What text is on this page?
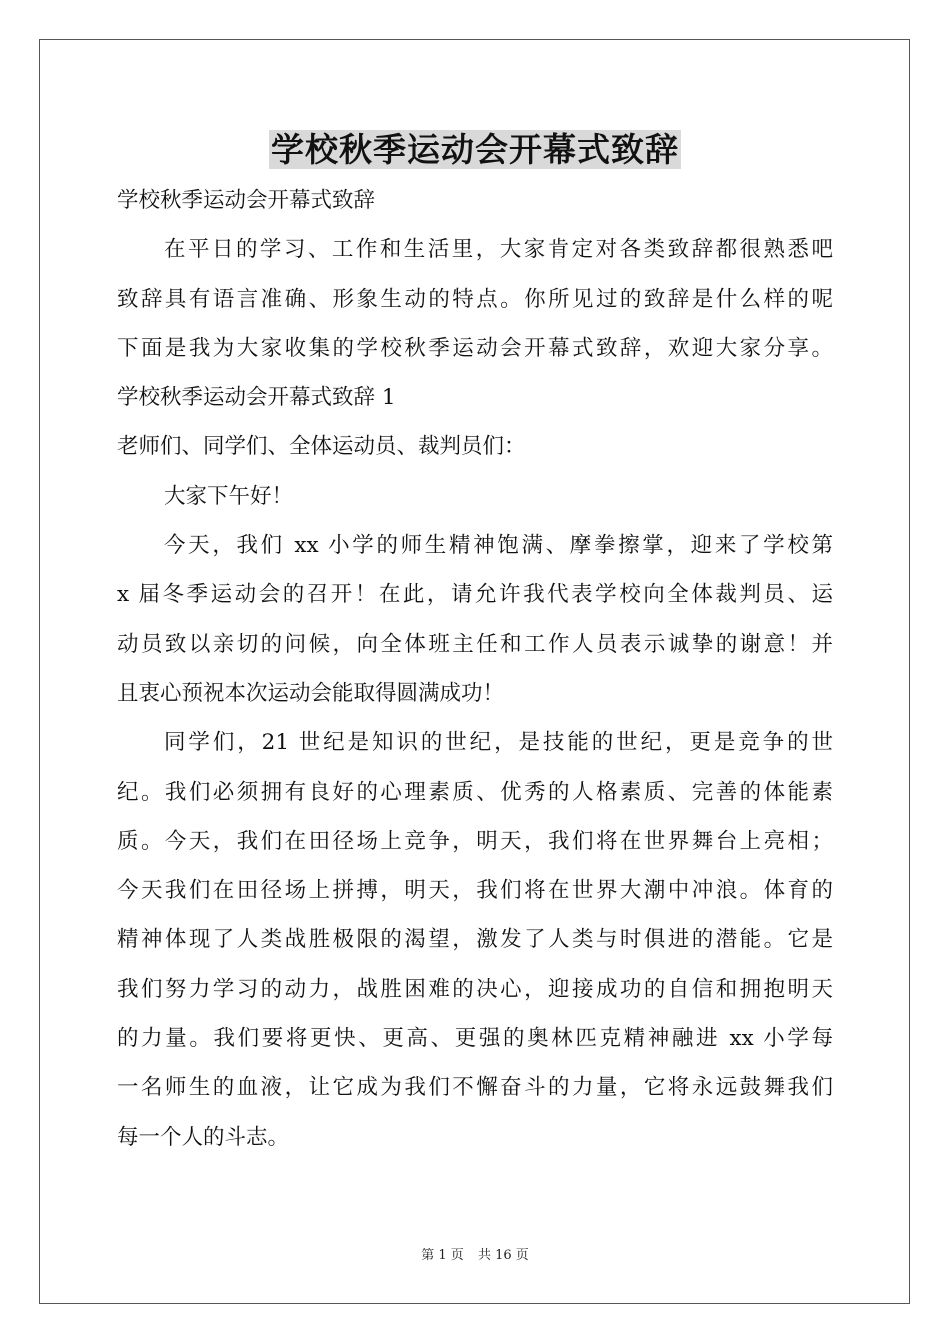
学校秋季运动会开幕式致辞
学校秋季运动会开幕式致辞
在平日的学习、工作和生活里，大家肯定对各类致辞都很熟悉吧
致辞具有语言准确、形象生动的特点。你所见过的致辞是什么样的呢
下面是我为大家收集的学校秋季运动会开幕式致辞，欢迎大家分享。
学校秋季运动会开幕式致辞 1
老师们、同学们、全体运动员、裁判员们：
大家下午好！
今天，我们 xx 小学的师生精神饱满、摩拳擦掌，迎来了学校第
x 届冬季运动会的召开！在此，请允许我代表学校向全体裁判员、运
动员致以亲切的问候，向全体班主任和工作人员表示诚挚的谢意！并
且衷心预祝本次运动会能取得圆满成功！
同学们，21 世纪是知识的世纪，是技能的世纪，更是竞争的世
纪。我们必须拥有良好的心理素质、优秀的人格素质、完善的体能素
质。今天，我们在田径场上竞争，明天，我们将在世界舞台上亮相；
今天我们在田径场上拼搏，明天，我们将在世界大潮中冲浪。体育的
精神体现了人类战胜极限的渴望，激发了人类与时俱进的潜能。它是
我们努力学习的动力，战胜困难的决心，迎接成功的自信和拥抱明天
的力量。我们要将更快、更高、更强的奥林匹克精神融进 xx 小学每
一名师生的血液，让它成为我们不懈奋斗的力量，它将永远鼓舞我们
每一个人的斗志。
第 1 页 共 16 页
